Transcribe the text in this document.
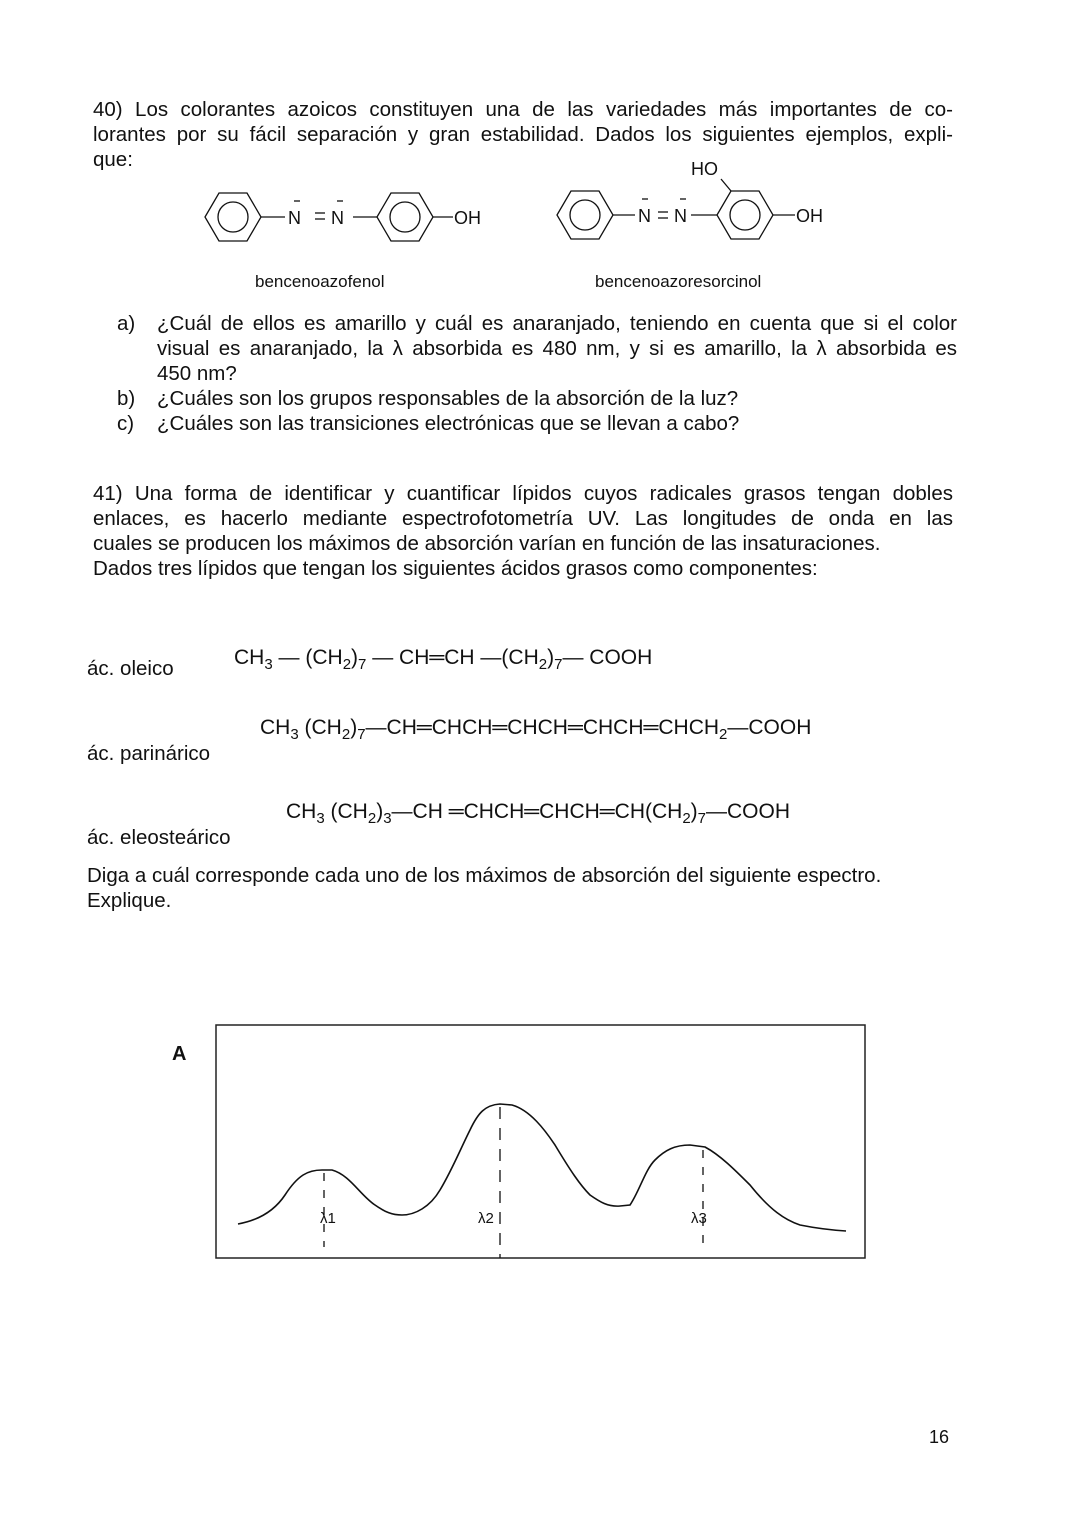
40) Los colorantes azoicos constituyen una de las variedades más importantes de co-
lorantes por su fácil separación y gran estabilidad. Dados los siguientes ejemplos, expli-
que:
N N	OH
bencenoazofenol
N N
HO
OH
bencenoazoresorcinol
a) ¿Cuál de ellos es amarillo y cuál es anaranjado, teniendo en cuenta que si el color
visual es anaranjado, la λ absorbida es 480 nm, y si es amarillo, la λ absorbida es
450 nm?
b) ¿Cuáles son los grupos responsables de la absorción de la luz?
c) ¿Cuáles son las transiciones electrónicas que se llevan a cabo?
41) Una forma de identificar y cuantificar lípidos cuyos radicales grasos tengan dobles
enlaces, es hacerlo mediante espectrofotometría UV. Las longitudes de onda en las
cuales se producen los máximos de absorción varían en función de las insaturaciones.
Dados tres lípidos que tengan los siguientes ácidos grasos como componentes:
ác. oleico	$CH_3$ — $(CH_2)_7$ — CH═CH $—(CH_2)_7—$ COOH
ác. parinárico
$CH_3$ $(CH_2)_7—CH═CHCH═CHCH═CHCH═CHCH_2—COOH$
ác. eleosteárico
$CH_3$ $(CH_2)_3—CH$ $═CHCH═CHCH═CH(CH_2)_7—COOH$
Diga a cuál corresponde cada uno de los máximos de absorción del siguiente espectro.
Explique.
A
λ1	λ2	λ3
16
